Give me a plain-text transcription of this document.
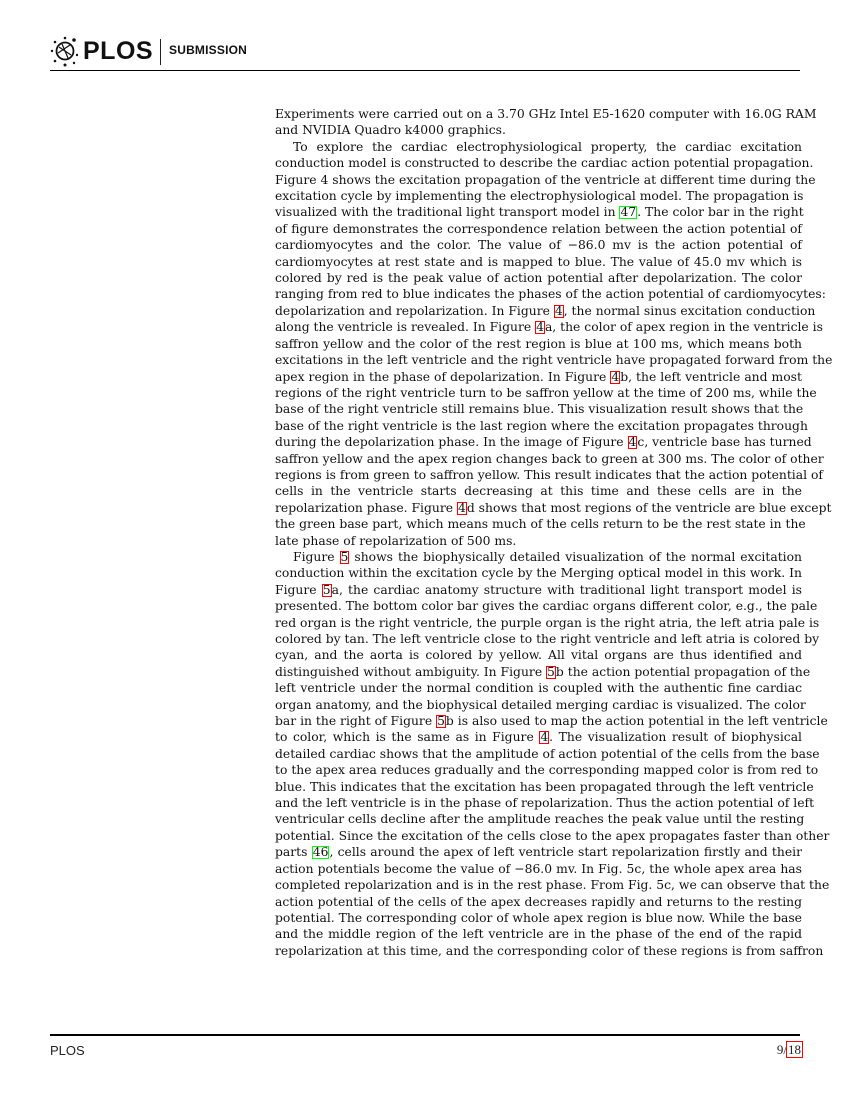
PLOS SUBMISSION
Experiments were carried out on a 3.70 GHz Intel E5-1620 computer with 16.0G RAM
and NVIDIA Quadro k4000 graphics.
To explore the cardiac electrophysiological property, the cardiac excitation
conduction model is constructed to describe the cardiac action potential propagation.
Figure 4 shows the excitation propagation of the ventricle at different time during the
excitation cycle by implementing the electrophysiological model. The propagation is
visualized with the traditional light transport model in 47. The color bar in the right
of figure demonstrates the correspondence relation between the action potential of
cardiomyocytes and the color. The value of −86.0 mv is the action potential of
cardiomyocytes at rest state and is mapped to blue. The value of 45.0 mv which is
colored by red is the peak value of action potential after depolarization. The color
ranging from red to blue indicates the phases of the action potential of cardiomyocytes:
depolarization and repolarization. In Figure 4, the normal sinus excitation conduction
along the ventricle is revealed. In Figure 4a, the color of apex region in the ventricle is
saffron yellow and the color of the rest region is blue at 100 ms, which means both
excitations in the left ventricle and the right ventricle have propagated forward from the
apex region in the phase of depolarization. In Figure 4b, the left ventricle and most
regions of the right ventricle turn to be saffron yellow at the time of 200 ms, while the
base of the right ventricle still remains blue. This visualization result shows that the
base of the right ventricle is the last region where the excitation propagates through
during the depolarization phase. In the image of Figure 4c, ventricle base has turned
saffron yellow and the apex region changes back to green at 300 ms. The color of other
regions is from green to saffron yellow. This result indicates that the action potential of
cells in the ventricle starts decreasing at this time and these cells are in the
repolarization phase. Figure 4d shows that most regions of the ventricle are blue except
the green base part, which means much of the cells return to be the rest state in the
late phase of repolarization of 500 ms.
Figure 5 shows the biophysically detailed visualization of the normal excitation
conduction within the excitation cycle by the Merging optical model in this work. In
Figure 5a, the cardiac anatomy structure with traditional light transport model is
presented. The bottom color bar gives the cardiac organs different color, e.g., the pale
red organ is the right ventricle, the purple organ is the right atria, the left atria pale is
colored by tan. The left ventricle close to the right ventricle and left atria is colored by
cyan, and the aorta is colored by yellow. All vital organs are thus identified and
distinguished without ambiguity. In Figure 5b the action potential propagation of the
left ventricle under the normal condition is coupled with the authentic fine cardiac
organ anatomy, and the biophysical detailed merging cardiac is visualized. The color
bar in the right of Figure 5b is also used to map the action potential in the left ventricle
to color, which is the same as in Figure 4. The visualization result of biophysical
detailed cardiac shows that the amplitude of action potential of the cells from the base
to the apex area reduces gradually and the corresponding mapped color is from red to
blue. This indicates that the excitation has been propagated through the left ventricle
and the left ventricle is in the phase of repolarization. Thus the action potential of left
ventricular cells decline after the amplitude reaches the peak value until the resting
potential. Since the excitation of the cells close to the apex propagates faster than other
parts 46, cells around the apex of left ventricle start repolarization firstly and their
action potentials become the value of −86.0 mv. In Fig. 5c, the whole apex area has
completed repolarization and is in the rest phase. From Fig. 5c, we can observe that the
action potential of the cells of the apex decreases rapidly and returns to the resting
potential. The corresponding color of whole apex region is blue now. While the base
and the middle region of the left ventricle are in the phase of the end of the rapid
repolarization at this time, and the corresponding color of these regions is from saffron
PLOS	9/18
